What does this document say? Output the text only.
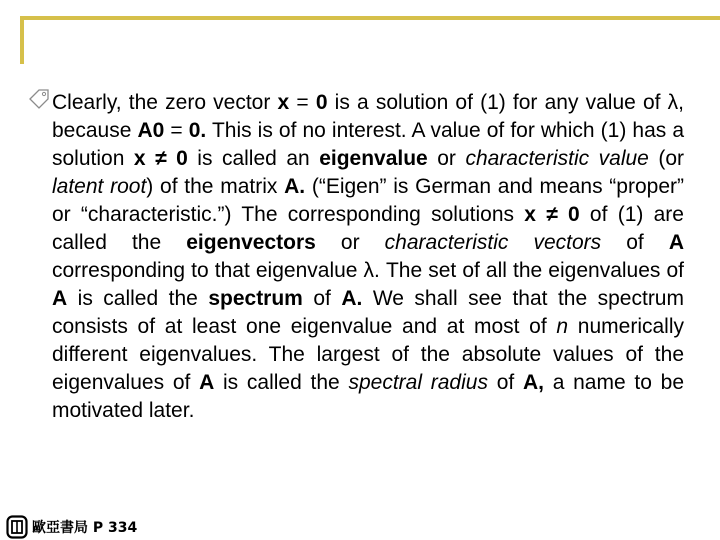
Clearly, the zero vector x = 0 is a solution of (1) for any value of λ, because A0 = 0. This is of no interest. A value of for which (1) has a solution x ≠ 0 is called an eigenvalue or characteristic value (or latent root) of the matrix A. (“Eigen” is German and means “proper” or “characteristic.”) The corresponding solutions x ≠ 0 of (1) are called the eigenvectors or characteristic vectors of A corresponding to that eigenvalue λ. The set of all the eigenvalues of A is called the spectrum of A. We shall see that the spectrum consists of at least one eigenvalue and at most of n numerically different eigenvalues. The largest of the absolute values of the eigenvalues of A is called the spectral radius of A, a name to be motivated later.

歐亞書局 P 334
